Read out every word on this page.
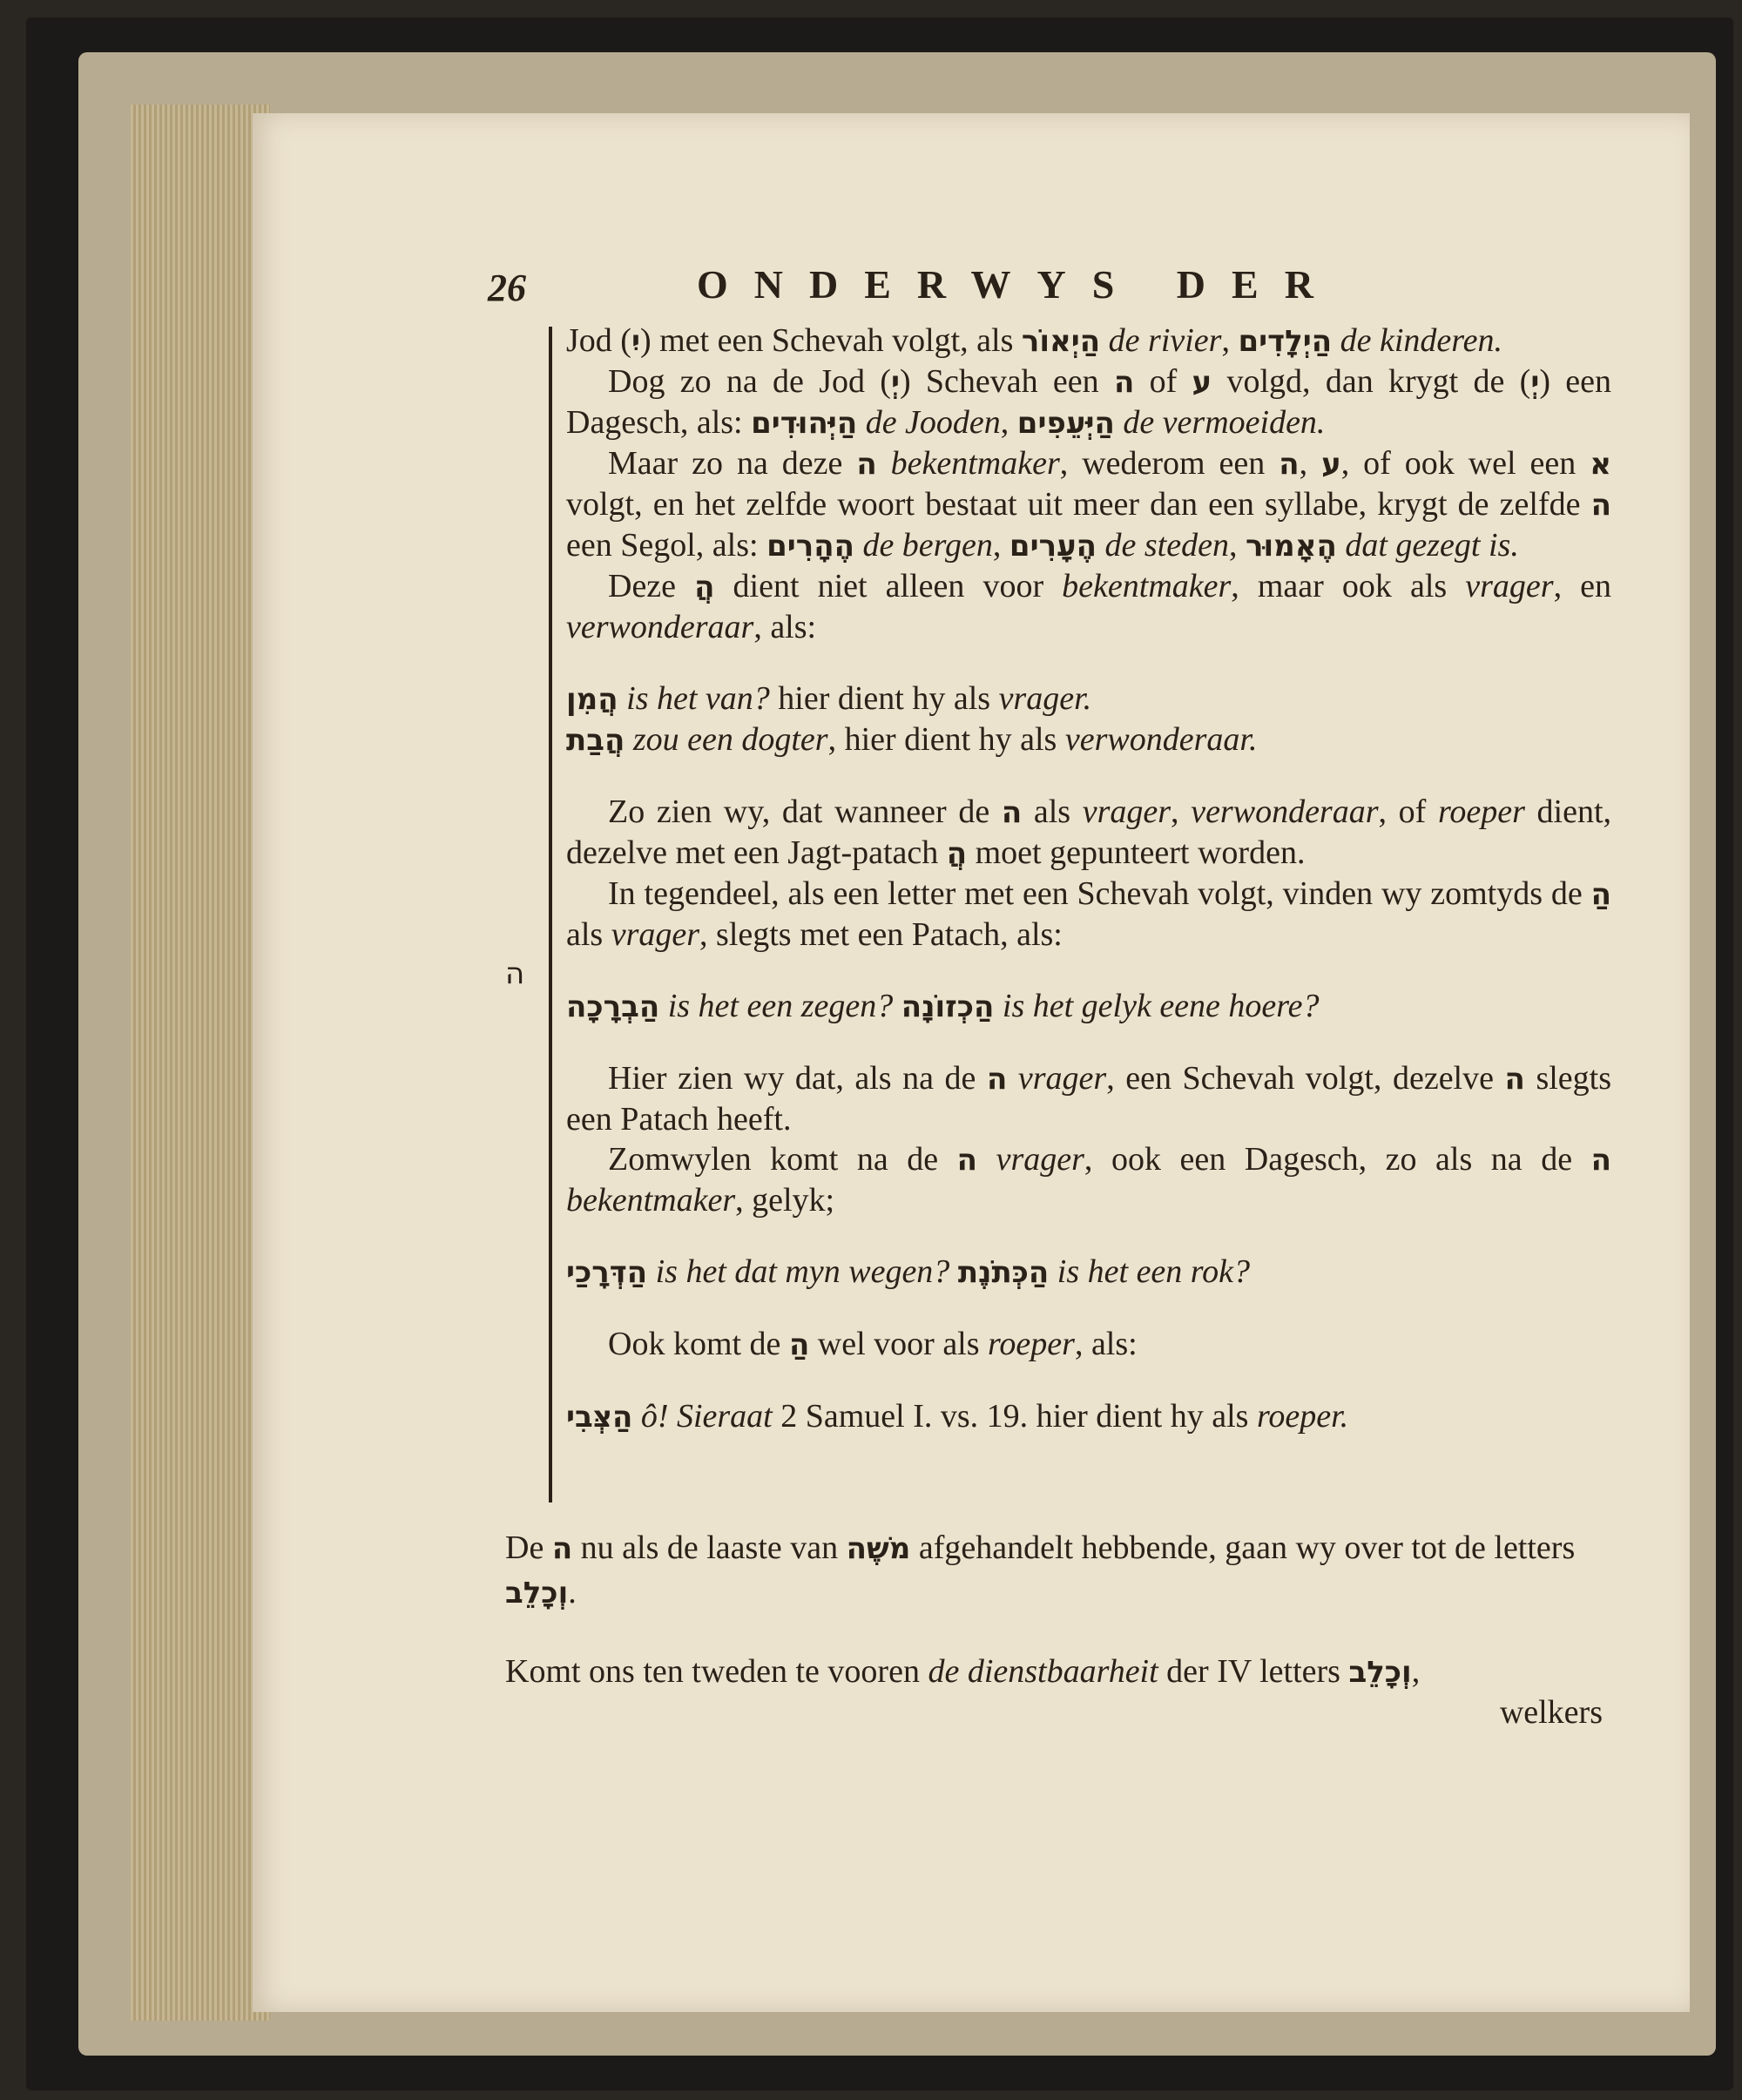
26	ONDERWYS DER
ה

Jod (יִ) met een Schevah volgt, als הַיְאוֹר de rivier, הַיְלָדִים de kinderen.

Dog zo na de Jod (יְ) Schevah een ה of ע volgd, dan krygt de (יְ) een Dagesch, als: הַיְּהוּדִים de Jooden, הַיְּעֵפִים de vermoeiden.

Maar zo na deze ה bekentmaker, wederom een ה, ע, of ook wel een א volgt, en het zelfde woort bestaat uit meer dan een syllabe, krygt de zelfde ה een Segol, als: הֶהָרִים de bergen, הֶעָרִים de steden, הֶאָמוּר dat gezegt is.

Deze הֲ dient niet alleen voor bekentmaker, maar ook als vrager, en verwonderaar, als:

הֲמִן is het van? hier dient hy als vrager.

הֲבַת zou een dogter, hier dient hy als verwonderaar.

Zo zien wy, dat wanneer de ה als vrager, verwonderaar, of roeper dient, dezelve met een Jagt-patach הֲ moet gepunteert worden.

In tegendeel, als een letter met een Schevah volgt, vinden wy zomtyds de הַ als vrager, slegts met een Patach, als:

הַבְרָכָה is het een zegen? הַכְזוֹנָה is het gelyk eene hoere?

Hier zien wy dat, als na de ה vrager, een Schevah volgt, dezelve ה slegts een Patach heeft.

Zomwylen komt na de ה vrager, ook een Dagesch, zo als na de ה bekentmaker, gelyk;

הַדְּרָכַי is het dat myn wegen? הַכְּתֹנֶת is het een rok?

Ook komt de הַ wel voor als roeper, als:

הַצְּבִי ô! Sieraat 2 Samuel I. vs. 19. hier dient hy als roeper.

De ה nu als de laaste van משֶׁה afgehandelt hebbende, gaan wy over tot de letters וְכָלֵב.

Komt ons ten tweden te vooren de dienstbaarheit der IV letters וְכָלֵב,

welkers
